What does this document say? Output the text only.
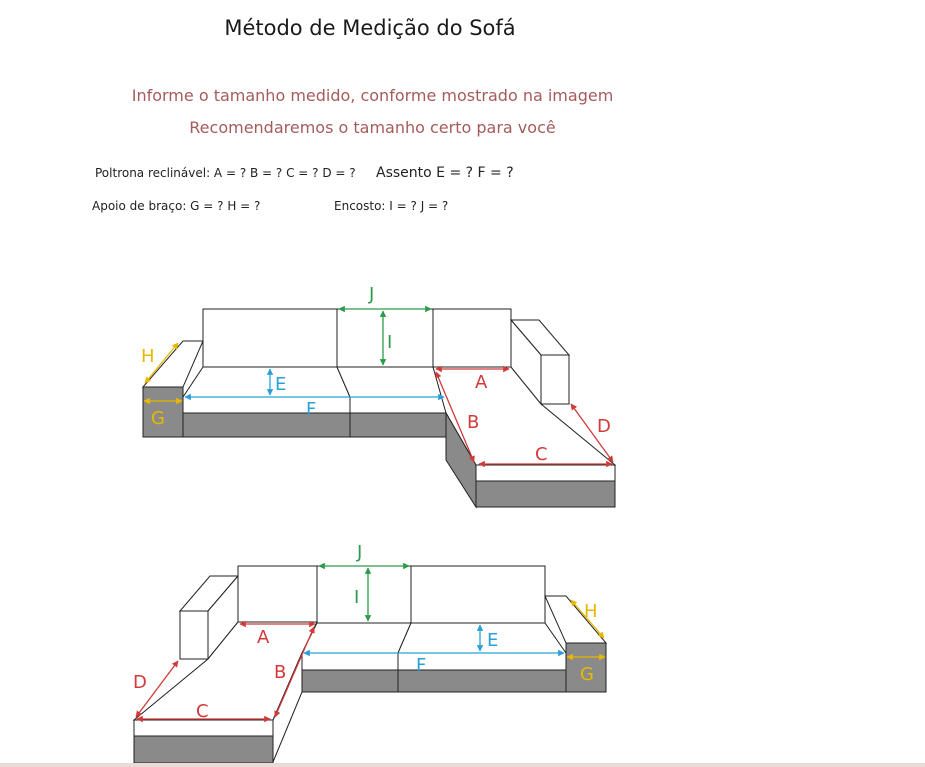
Método de Medição do Sofá
Informe o tamanho medido, conforme mostrado na imagem
Recomendaremos o tamanho certo para você
Poltrona reclinável: A = ? B = ? C = ? D = ? Assento E = ? F = ?
Apoio de braço: G = ? H = ?	Encosto: I = ? J = ?
J
I
E
F
G
H
A
B
C
D
J
I
E
F	G
H
A
B
C
D
